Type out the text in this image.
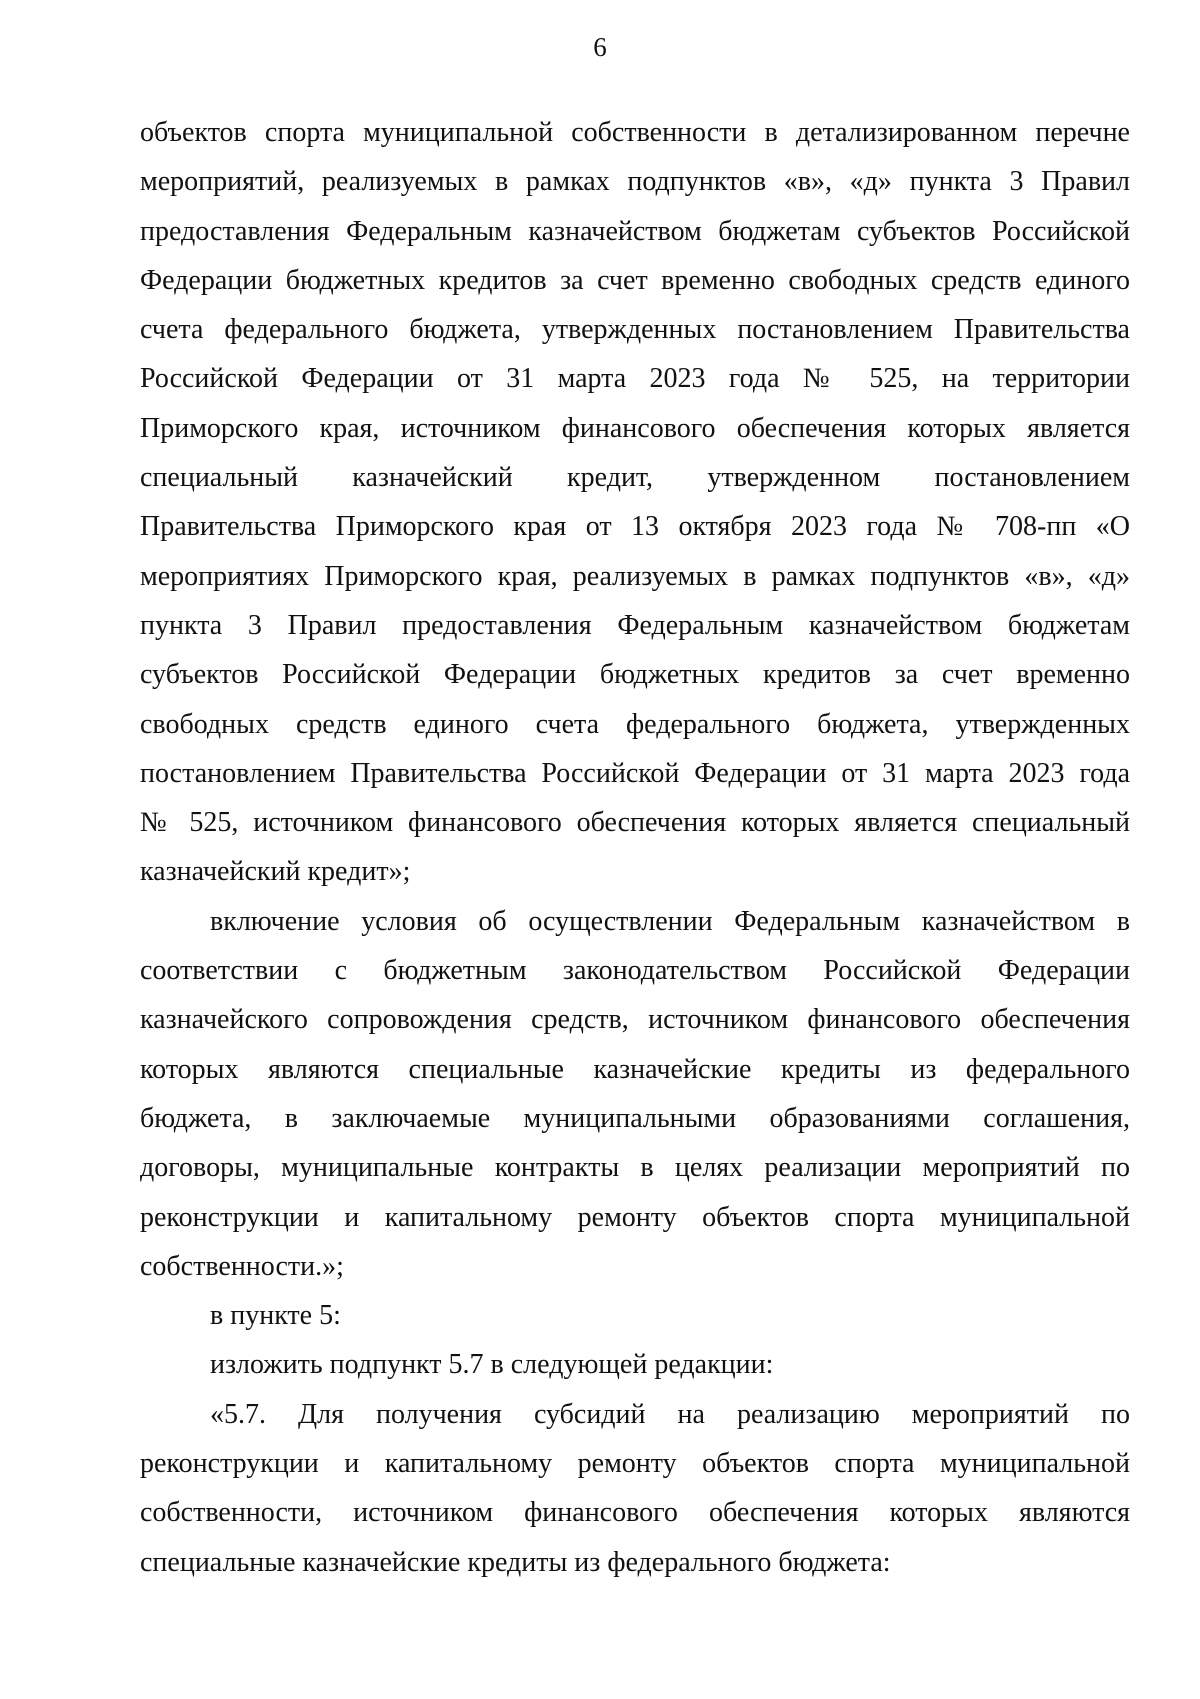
6
объектов спорта муниципальной собственности в детализированном перечне
мероприятий, реализуемых в рамках подпунктов «в», «д» пункта 3 Правил
предоставления Федеральным казначейством бюджетам субъектов Российской
Федерации бюджетных кредитов за счет временно свободных средств единого
счета федерального бюджета, утвержденных постановлением Правительства
Российской Федерации от 31 марта 2023 года № 525, на территории
Приморского края, источником финансового обеспечения которых является
специальный казначейский кредит, утвержденном постановлением
Правительства Приморского края от 13 октября 2023 года № 708-пп «О
мероприятиях Приморского края, реализуемых в рамках подпунктов «в», «д»
пункта 3 Правил предоставления Федеральным казначейством бюджетам
субъектов Российской Федерации бюджетных кредитов за счет временно
свободных средств единого счета федерального бюджета, утвержденных
постановлением Правительства Российской Федерации от 31 марта 2023 года
№ 525, источником финансового обеспечения которых является специальный
казначейский кредит»;
включение условия об осуществлении Федеральным казначейством в
соответствии с бюджетным законодательством Российской Федерации
казначейского сопровождения средств, источником финансового обеспечения
которых являются специальные казначейские кредиты из федерального
бюджета, в заключаемые муниципальными образованиями соглашения,
договоры, муниципальные контракты в целях реализации мероприятий по
реконструкции и капитальному ремонту объектов спорта муниципальной
собственности.»;
в пункте 5:
изложить подпункт 5.7 в следующей редакции:
«5.7. Для получения субсидий на реализацию мероприятий по
реконструкции и капитальному ремонту объектов спорта муниципальной
собственности, источником финансового обеспечения которых являются
специальные казначейские кредиты из федерального бюджета:
